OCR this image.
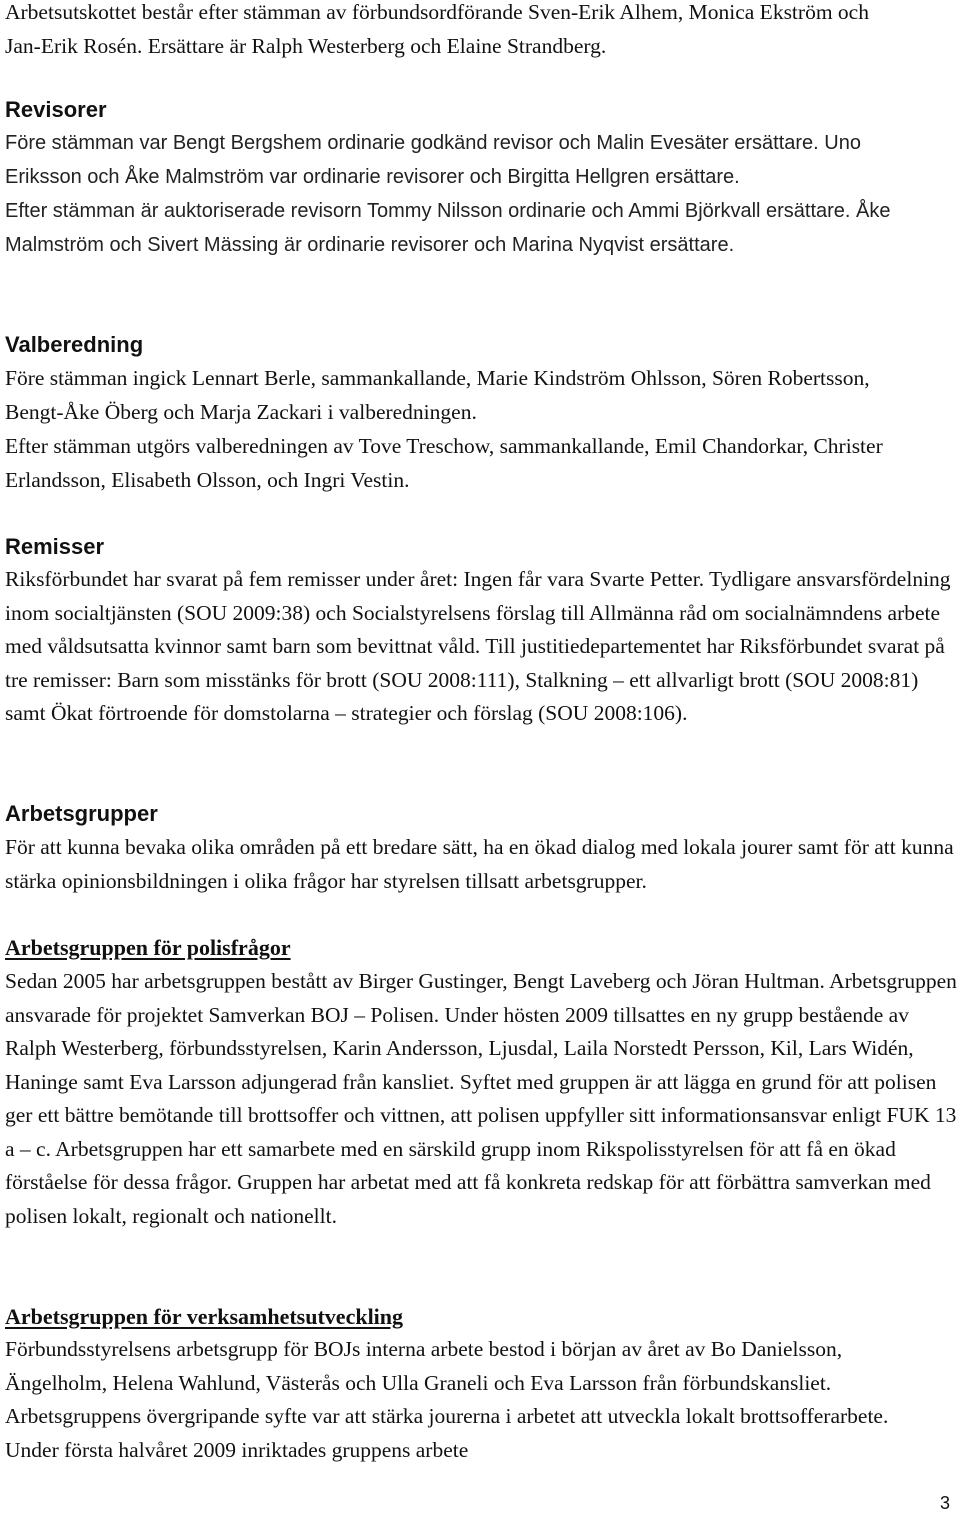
Arbetsutskottet består efter stämman av förbundsordförande Sven-Erik Alhem, Monica Ekström och Jan-Erik Rosén. Ersättare är Ralph Westerberg och Elaine Strandberg.

Revisorer

Före stämman var Bengt Bergshem ordinarie godkänd revisor och Malin Evesäter ersättare. Uno Eriksson och Åke Malmström var ordinarie revisorer och Birgitta Hellgren ersättare.

Efter stämman är auktoriserade revisorn Tommy Nilsson ordinarie och Ammi Björkvall ersättare. Åke Malmström och Sivert Mässing är ordinarie revisorer och Marina Nyqvist ersättare.

Valberedning

Före stämman ingick Lennart Berle, sammankallande, Marie Kindström Ohlsson, Sören Robertsson, Bengt-Åke Öberg och Marja Zackari i valberedningen.

Efter stämman utgörs valberedningen av Tove Treschow, sammankallande, Emil Chandorkar, Christer Erlandsson, Elisabeth Olsson, och Ingri Vestin.

Remisser

Riksförbundet har svarat på fem remisser under året: Ingen får vara Svarte Petter. Tydligare ansvarsfördelning inom socialtjänsten (SOU 2009:38) och Socialstyrelsens förslag till Allmänna råd om socialnämndens arbete med våldsutsatta kvinnor samt barn som bevittnat våld. Till justitiedepartementet har Riksförbundet svarat på tre remisser: Barn som misstänks för brott (SOU 2008:111), Stalkning – ett allvarligt brott (SOU 2008:81) samt Ökat förtroende för domstolarna – strategier och förslag (SOU 2008:106).

Arbetsgrupper

För att kunna bevaka olika områden på ett bredare sätt, ha en ökad dialog med lokala jourer samt för att kunna stärka opinionsbildningen i olika frågor har styrelsen tillsatt arbetsgrupper.

Arbetsgruppen för polisfrågor

Sedan 2005 har arbetsgruppen bestått av Birger Gustinger, Bengt Laveberg och Jöran Hultman. Arbetsgruppen ansvarade för projektet Samverkan BOJ – Polisen. Under hösten 2009 tillsattes en ny grupp bestående av Ralph Westerberg, förbundsstyrelsen, Karin Andersson, Ljusdal, Laila Norstedt Persson, Kil, Lars Widén, Haninge samt Eva Larsson adjungerad från kansliet. Syftet med gruppen är att lägga en grund för att polisen ger ett bättre bemötande till brottsoffer och vittnen, att polisen uppfyller sitt informationsansvar enligt FUK 13 a – c. Arbetsgruppen har ett samarbete med en särskild grupp inom Rikspolisstyrelsen för att få en ökad förståelse för dessa frågor. Gruppen har arbetat med att få konkreta redskap för att förbättra samverkan med polisen lokalt, regionalt och nationellt.

Arbetsgruppen för verksamhetsutveckling

Förbundsstyrelsens arbetsgrupp för BOJs interna arbete bestod i början av året av Bo Danielsson, Ängelholm, Helena Wahlund, Västerås och Ulla Graneli och Eva Larsson från förbundskansliet. Arbetsgruppens övergripande syfte var att stärka jourerna i arbetet att utveckla lokalt brottsofferarbete. Under första halvåret 2009 inriktades gruppens arbete

3
